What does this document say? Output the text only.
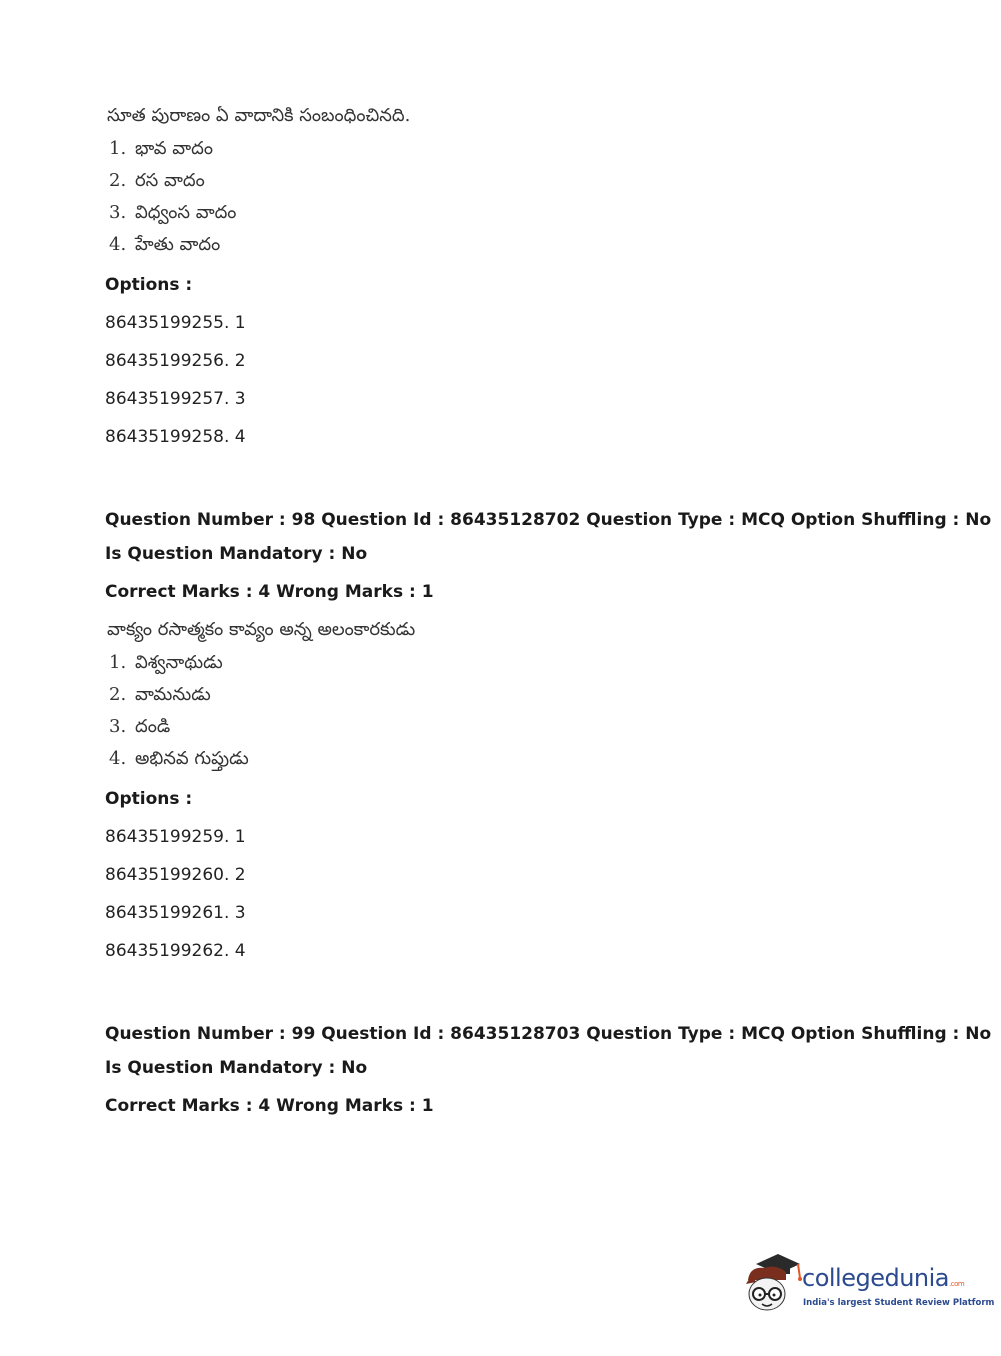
సూత పురాణం ఏ వాదానికి సంబంధించినది.
1. భావ వాదం
2. రస వాదం
3. విధ్వంస వాదం
4. హేతు వాదం
Options :
86435199255. 1
86435199256. 2
86435199257. 3
86435199258. 4
Question Number : 98 Question Id : 86435128702 Question Type : MCQ Option Shuffling : No
Is Question Mandatory : No
Correct Marks : 4 Wrong Marks : 1
వాక్యం రసాత్మకం కావ్యం అన్న అలంకారకుడు
1. విశ్వనాథుడు
2. వామనుడు
3. దండి
4. అభినవ గుప్తుడు
Options :
86435199259. 1
86435199260. 2
86435199261. 3
86435199262. 4
Question Number : 99 Question Id : 86435128703 Question Type : MCQ Option Shuffling : No
Is Question Mandatory : No
Correct Marks : 4 Wrong Marks : 1
collegedunia.com
India's largest Student Review Platform
